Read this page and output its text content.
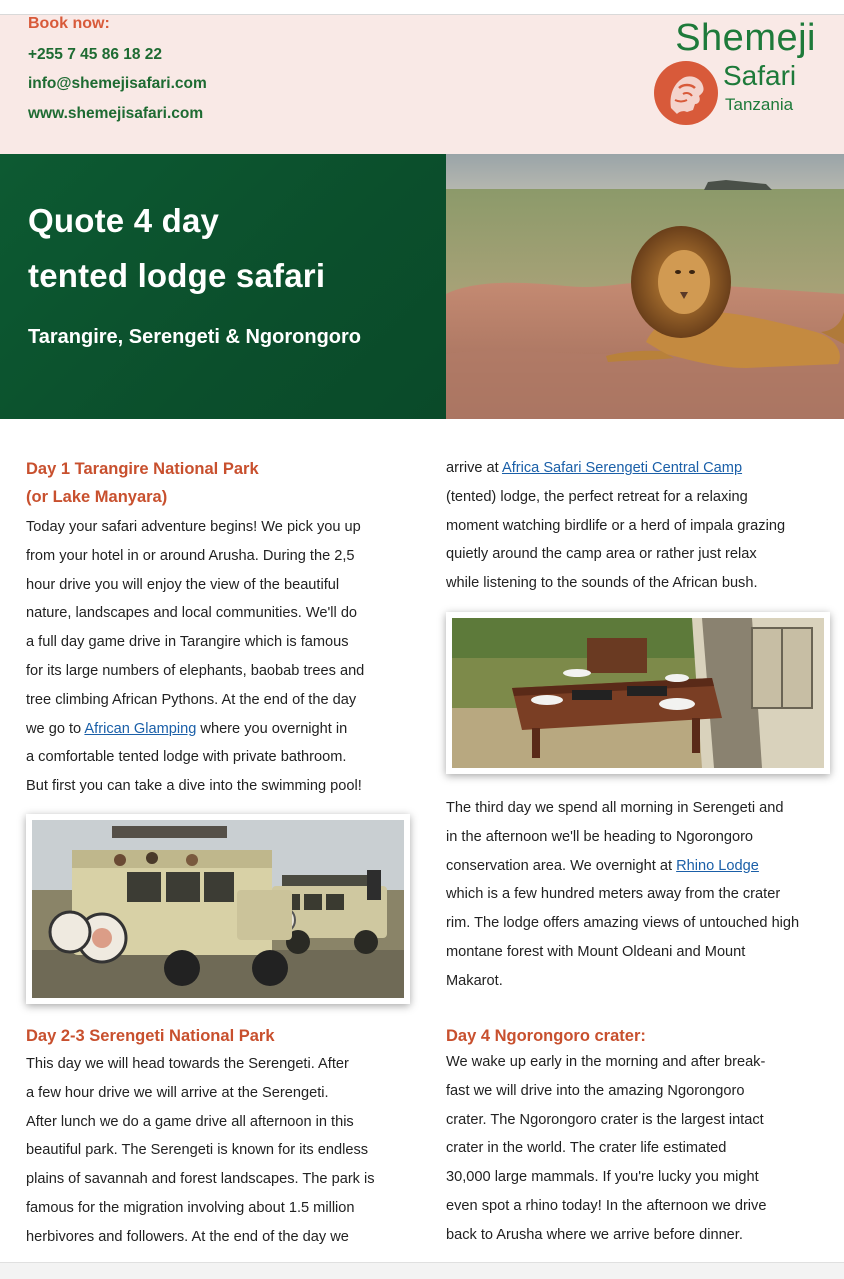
Book now:
+255 7 45 86 18 22
info@shemejisafari.com
www.shemejisafari.com
Shemeji
Safari
Tanzania
Quote 4 day
tented lodge safari
Tarangire, Serengeti & Ngorongoro
Day 1 Tarangire National Park
(or Lake Manyara)
Today your safari adventure begins! We pick you up
from your hotel in or around Arusha. During the 2,5
hour drive you will enjoy the view of the beautiful
nature, landscapes and local communities. We'll do
a full day game drive in Tarangire which is famous
for its large numbers of elephants, baobab trees and
tree climbing African Pythons. At the end of the day
we go to African Glamping where you overnight in
a comfortable tented lodge with private bathroom.
But first you can take a dive into the swimming pool!
Day 2-3 Serengeti National Park
This day we will head towards the Serengeti. After
a few hour drive we will arrive at the Serengeti.
After lunch we do a game drive all afternoon in this
beautiful park. The Serengeti is known for its endless
plains of savannah and forest landscapes. The park is
famous for the migration involving about 1.5 million
herbivores and followers. At the end of the day we
arrive at Africa Safari Serengeti Central Camp
(tented) lodge, the perfect retreat for a relaxing
moment watching birdlife or a herd of impala grazing
quietly around the camp area or rather just relax
while listening to the sounds of the African bush.
The third day we spend all morning in Serengeti and
in the afternoon we'll be heading to Ngorongoro
conservation area. We overnight at Rhino Lodge
which is a few hundred meters away from the crater
rim. The lodge offers amazing views of untouched high
montane forest with Mount Oldeani and Mount
Makarot.
Day 4 Ngorongoro crater:
We wake up early in the morning and after break-
fast we will drive into the amazing Ngorongoro
crater. The Ngorongoro crater is the largest intact
crater in the world. The crater life estimated
30,000 large mammals. If you're lucky you might
even spot a rhino today! In the afternoon we drive
back to Arusha where we arrive before dinner.
